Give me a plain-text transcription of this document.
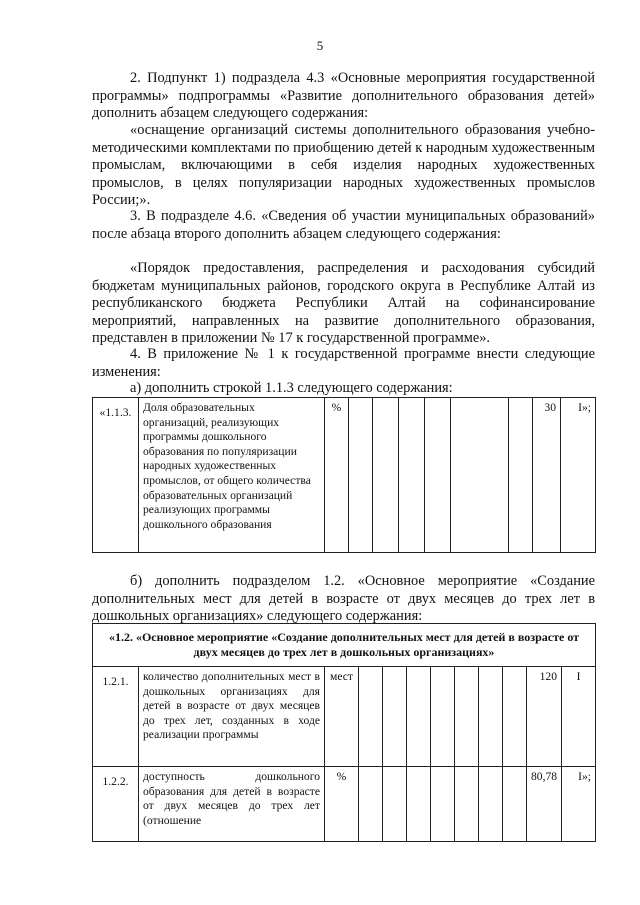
5

2. Подпункт 1) подраздела 4.3 «Основные мероприятия государственной программы» подпрограммы «Развитие дополнительного образования детей» дополнить абзацем следующего содержания:

«оснащение организаций системы дополнительного образования учебно-методическими комплектами по приобщению детей к народным художественным промыслам, включающими в себя изделия народных художественных промыслов, в целях популяризации народных художественных промыслов России;».

3. В подразделе 4.6. «Сведения об участии муниципальных образований» после абзаца второго дополнить абзацем следующего содержания:

«Порядок предоставления, распределения и расходования субсидий бюджетам муниципальных районов, городского округа в Республике Алтай из республиканского бюджета Республики Алтай на софинансирование мероприятий, направленных на развитие дополнительного образования, представлен в приложении № 17 к государственной программе».

4. В приложение № 1 к государственной программе внести следующие изменения:

а) дополнить строкой 1.1.3 следующего содержания:

«1.1.3.	Доля образовательных организаций, реализующих программы дошкольного образования по популяризации народных художественных промыслов, от общего количества образовательных организаций реализующих программы дошкольного образования	%							30	I»;

б) дополнить подразделом 1.2. «Основное мероприятие «Создание дополнительных мест для детей в возрасте от двух месяцев до трех лет в дошкольных организациях» следующего содержания:

«1.2. «Основное мероприятие «Создание дополнительных мест для детей в возрасте от двух месяцев до трех лет в дошкольных организациях»											
1.2.1.	количество дополнительных мест в дошкольных организациях для детей в возрасте от двух месяцев до трех лет, созданных в ходе реализации программы	мест								120	I
1.2.2.	доступность дошкольного образования для детей в возрасте от двух месяцев до трех лет (отношение	%								80,78	I»;
